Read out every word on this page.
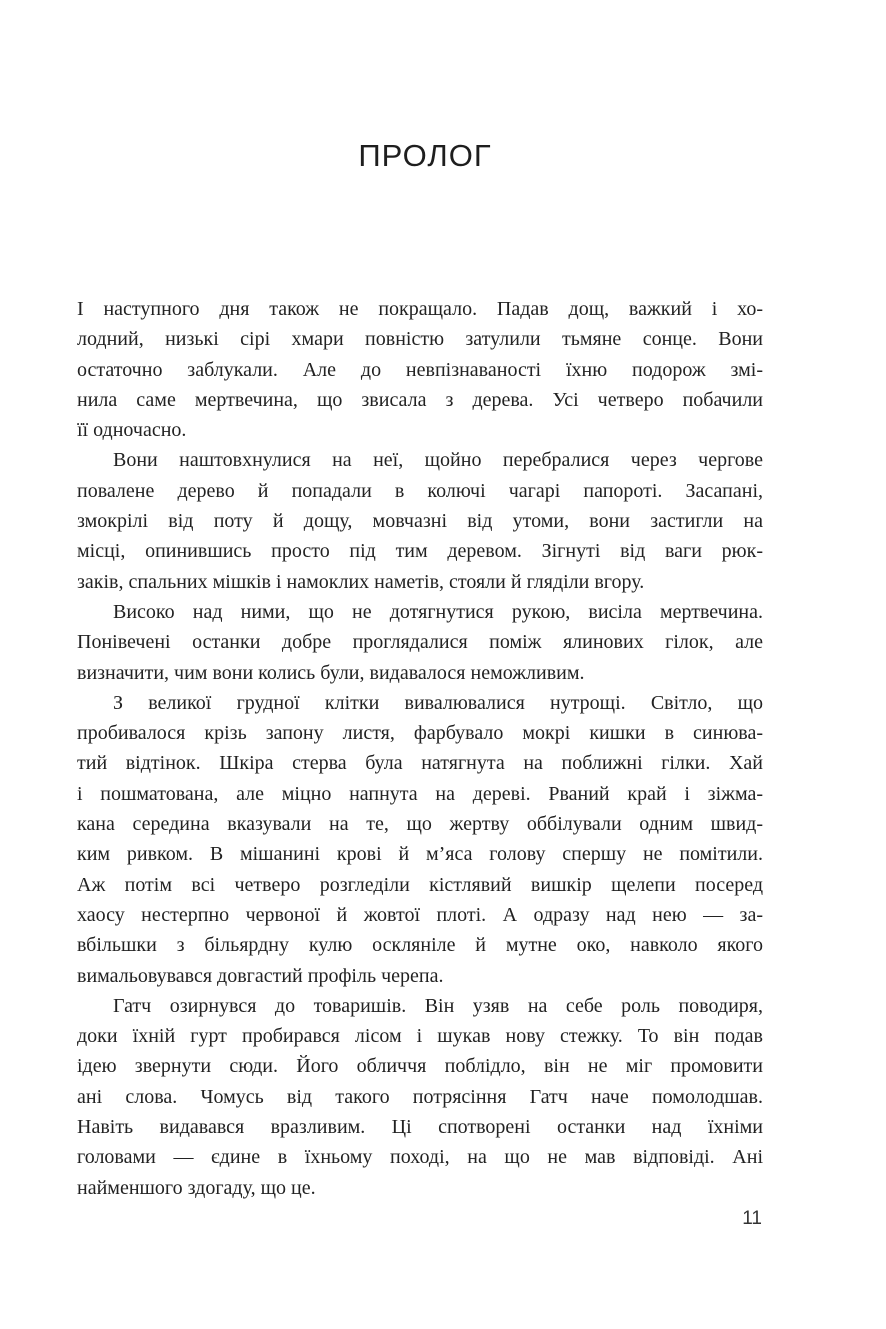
ПРОЛОГ
І наступного дня також не покращало. Падав дощ, важкий і хо-
лодний, низькі сірі хмари повністю затулили тьмяне сонце. Вони
остаточно заблукали. Але до невпізнаваності їхню подорож змі-
нила саме мертвечина, що звисала з дерева. Усі четверо побачили
її одночасно.
Вони наштовхнулися на неї, щойно перебралися через чергове
повалене дерево й попадали в колючі чагарі папороті. Засапані,
змокрілі від поту й дощу, мовчазні від утоми, вони застигли на
місці, опинившись просто під тим деревом. Зігнуті від ваги рюк-
заків, спальних мішків і намоклих наметів, стояли й гляділи вгору.
Високо над ними, що не дотягнутися рукою, висіла мертвечина.
Понівечені останки добре проглядалися поміж ялинових гілок, але
визначити, чим вони колись були, видавалося неможливим.
З великої грудної клітки вивалювалися нутрощі. Світло, що
пробивалося крізь запону листя, фарбувало мокрі кишки в синюва-
тий відтінок. Шкіра стерва була натягнута на поближні гілки. Хай
і пошматована, але міцно напнута на дереві. Рваний край і зіжма-
кана середина вказували на те, що жертву оббілували одним швид-
ким ривком. В мішанині крові й м’яса голову спершу не помітили.
Аж потім всі четверо розгледіли кістлявий вишкір щелепи посеред
хаосу нестерпно червоної й жовтої плоті. А одразу над нею — за-
вбільшки з більярдну кулю осклянілe й мутне око, навколо якого
вимальовувався довгастий профіль черепа.
Гатч озирнувся до товаришів. Він узяв на себе роль поводиря,
доки їхній гурт пробирався лісом і шукав нову стежку. То він подав
ідею звернути сюди. Його обличчя поблідло, він не міг промовити
ані слова. Чомусь від такого потрясіння Гатч наче помолодшав.
Навіть видавався вразливим. Ці спотворені останки над їхніми
головами — єдине в їхньому поході, на що не мав відповіді. Ані
найменшого здогаду, що це.
11
